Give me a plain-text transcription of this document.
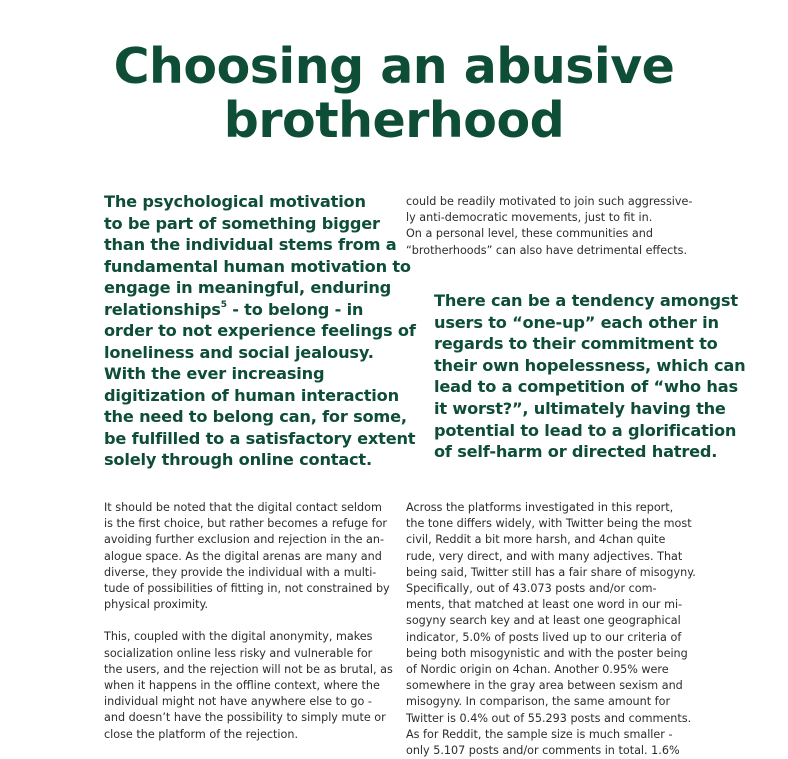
Choosing an abusive
brotherhood
The psychological motivation
to be part of something bigger
than the individual stems from a
fundamental human motivation to
engage in meaningful, enduring
relationships$^5$ - to belong - in
order to not experience feelings of
loneliness and social jealousy.
With the ever increasing
digitization of human interaction
the need to belong can, for some,
be fulfilled to a satisfactory extent
solely through online contact.
could be readily motivated to join such aggressive-
ly anti-democratic movements, just to fit in.
On a personal level, these communities and
“brotherhoods” can also have detrimental effects.
There can be a tendency amongst
users to “one-up” each other in
regards to their commitment to
their own hopelessness, which can
lead to a competition of “who has
it worst?”, ultimately having the
potential to lead to a glorification
of self-harm or directed hatred.
It should be noted that the digital contact seldom
is the first choice, but rather becomes a refuge for
avoiding further exclusion and rejection in the an-
alogue space. As the digital arenas are many and
diverse, they provide the individual with a multi-
tude of possibilities of fitting in, not constrained by
physical proximity.
This, coupled with the digital anonymity, makes
socialization online less risky and vulnerable for
the users, and the rejection will not be as brutal, as
when it happens in the offline context, where the
individual might not have anywhere else to go -
and doesn’t have the possibility to simply mute or
close the platform of the rejection.
Across the platforms investigated in this report,
the tone differs widely, with Twitter being the most
civil, Reddit a bit more harsh, and 4chan quite
rude, very direct, and with many adjectives. That
being said, Twitter still has a fair share of misogyny.
Specifically, out of 43.073 posts and/or com-
ments, that matched at least one word in our mi-
sogyny search key and at least one geographical
indicator, 5.0% of posts lived up to our criteria of
being both misogynistic and with the poster being
of Nordic origin on 4chan. Another 0.95% were
somewhere in the gray area between sexism and
misogyny. In comparison, the same amount for
Twitter is 0.4% out of 55.293 posts and comments.
As for Reddit, the sample size is much smaller -
only 5.107 posts and/or comments in total. 1.6%
